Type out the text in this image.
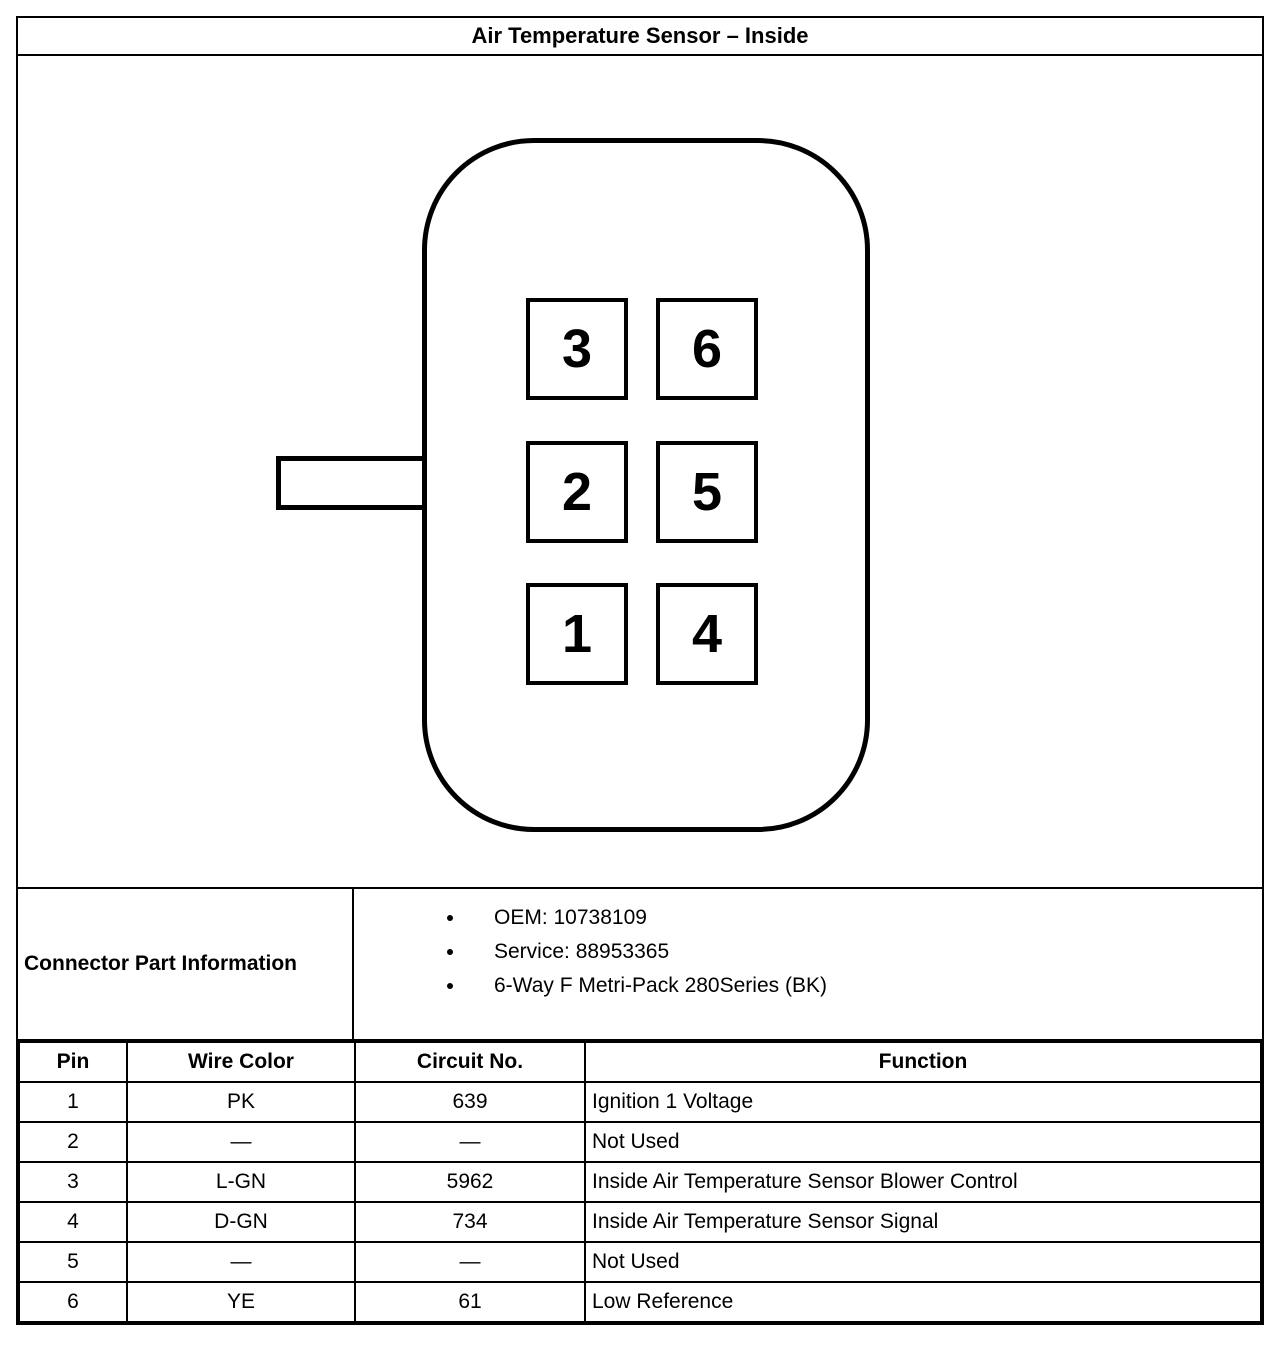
Air Temperature Sensor – Inside
3	6
2	5
1	4
Connector Part Information
• OEM: 10738109
• Service: 88953365
• 6-Way F Metri-Pack 280Series (BK)
Pin	Wire Color	Circuit No.	Function
1	PK	639	Ignition 1 Voltage
2	—	—	Not Used
3	L-GN	5962	Inside Air Temperature Sensor Blower Control
4	D-GN	734	Inside Air Temperature Sensor Signal
5	—	—	Not Used
6	YE	61	Low Reference
